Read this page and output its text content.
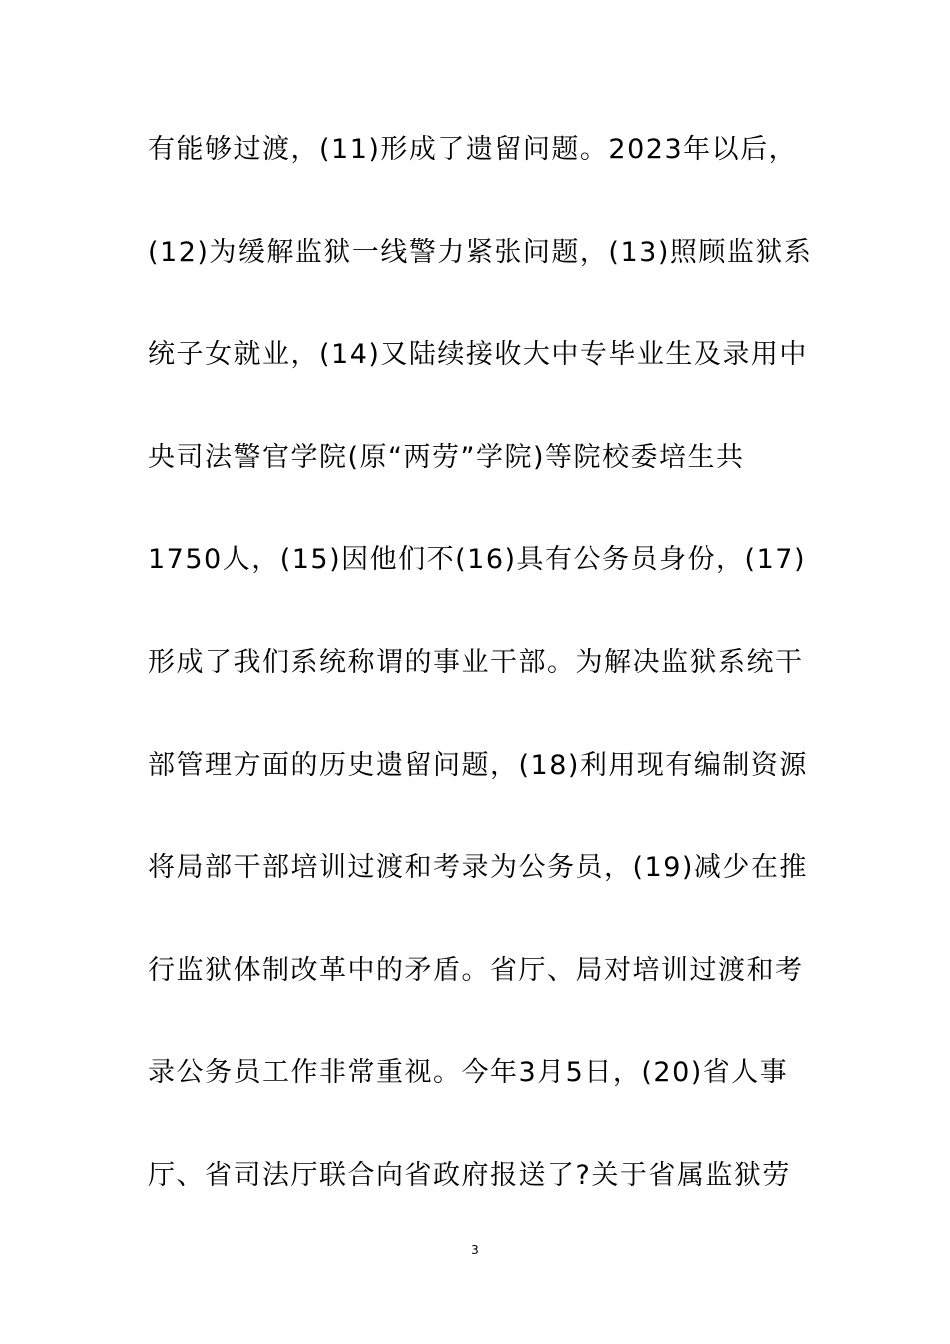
有能够过渡，(11)形成了遗留问题。2023年以后，
(12)为缓解监狱一线警力紧张问题，(13)照顾监狱系
统子女就业，(14)又陆续接收大中专毕业生及录用中
央司法警官学院(原“两劳”学院)等院校委培生共
1750人，(15)因他们不(16)具有公务员身份，(17)
形成了我们系统称谓的事业干部。为解决监狱系统干
部管理方面的历史遗留问题，(18)利用现有编制资源
将局部干部培训过渡和考录为公务员，(19)减少在推
行监狱体制改革中的矛盾。省厅、局对培训过渡和考
录公务员工作非常重视。今年3月5日，(20)省人事
厅、省司法厅联合向省政府报送了?关于省属监狱劳
3
